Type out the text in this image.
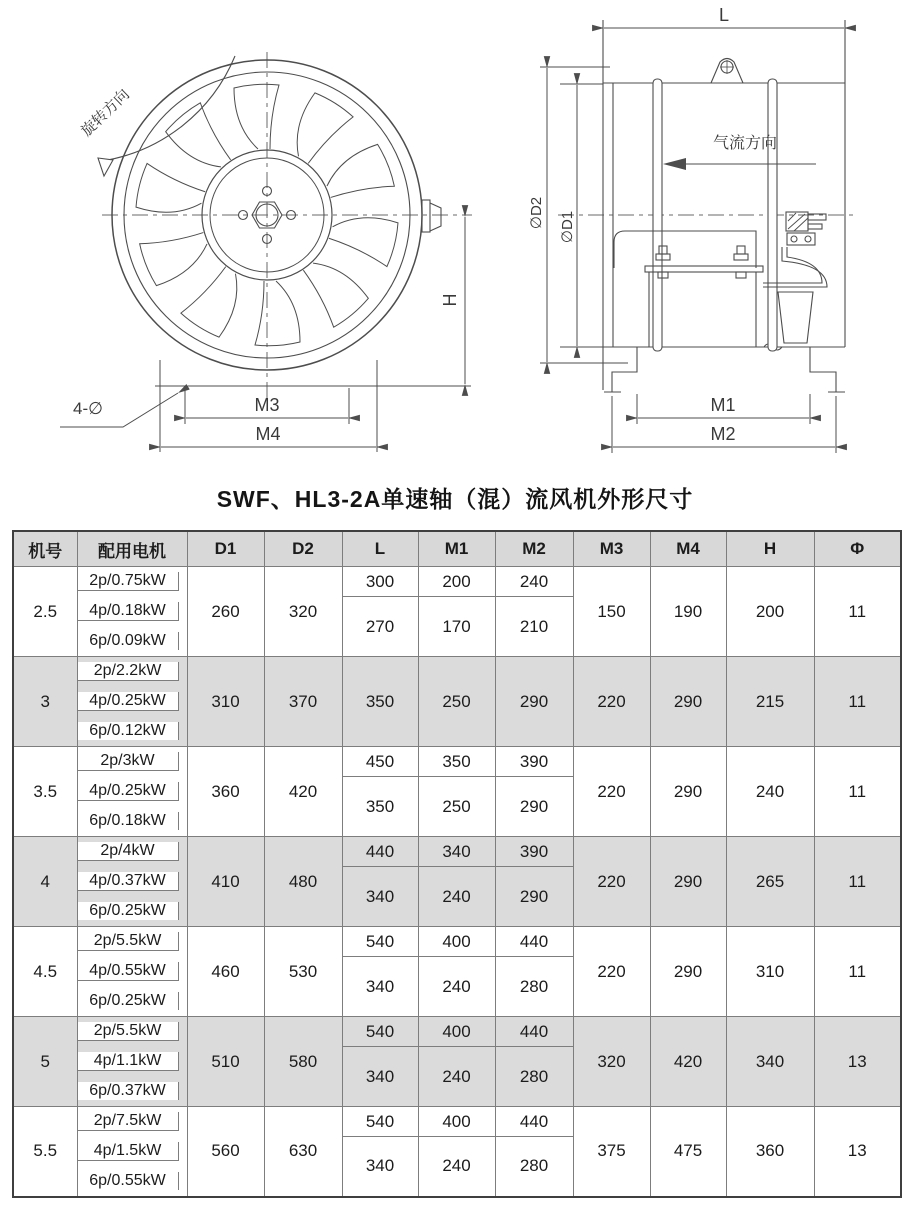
旋转方向
M3
M4
H
4-∅
气流方向
L
∅D2 ∅D1
M1
M2
SWF、HL3-2A单速轴（混）流风机外形尺寸
机号	配用电机	D1	D2	L	M1	M2	M3	M4	H	Φ
2.5	2p/0.75kW	260	320	300	200	240	150	190	200	11

4p/0.18kW			270	170	210				

6p/0.09kW									

3	2p/2.2kW	310	370	350	250	290	220	290	215	11

4p/0.25kW									

6p/0.12kW									

3.5	2p/3kW	360	420	450	350	390	220	290	240	11

4p/0.25kW			350	250	290				

6p/0.18kW									

4	2p/4kW	410	480	440	340	390	220	290	265	11

4p/0.37kW			340	240	290				

6p/0.25kW									

4.5	2p/5.5kW	460	530	540	400	440	220	290	310	11

4p/0.55kW			340	240	280				

6p/0.25kW									

5	2p/5.5kW	510	580	540	400	440	320	420	340	13

4p/1.1kW			340	240	280				

6p/0.37kW									

5.5	2p/7.5kW	560	630	540	400	440	375	475	360	13

4p/1.5kW			340	240	280				

6p/0.55kW									
